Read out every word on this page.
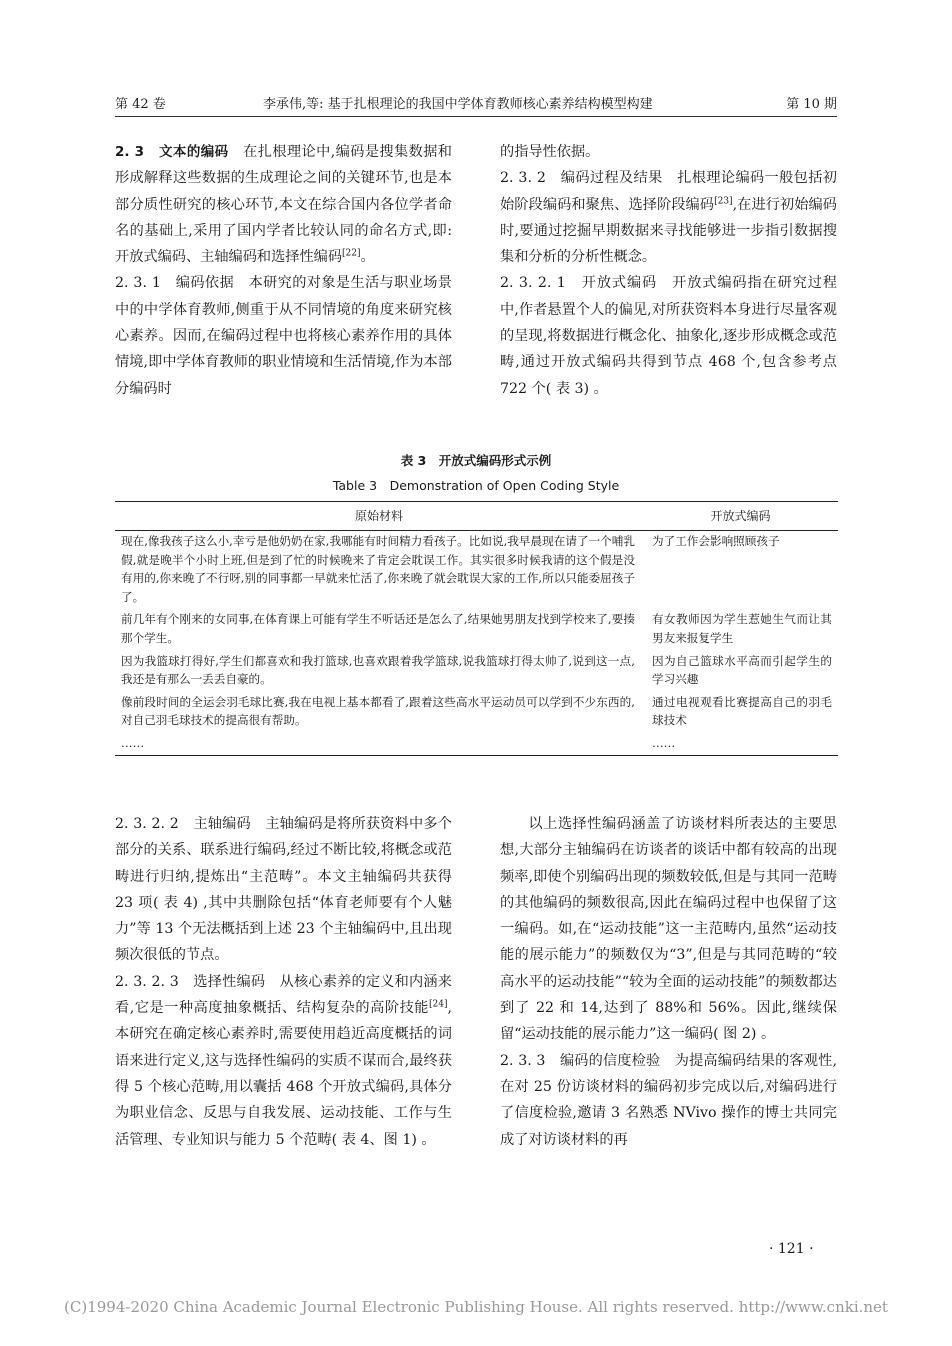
第 42 卷	李承伟,等: 基于扎根理论的我国中学体育教师核心素养结构模型构建	第 10 期

2. 3　 文本的编码　 在扎根理论中,编码是搜集数据和形成解释这些数据的生成理论之间的关键环节,也是本部分质性研究的核心环节,本文在综合国内各位学者命名的基础上,采用了国内学者比较认同的命名方式,即: 开放式编码、主轴编码和选择性编码[22]。

2. 3. 1　 编码依据　 本研究的对象是生活与职业场景中的中学体育教师,侧重于从不同情境的角度来研究核心素养。因而,在编码过程中也将核心素养作用的具体情境,即中学体育教师的职业情境和生活情境,作为本部分编码时

的指导性依据。

2. 3. 2　 编码过程及结果　 扎根理论编码一般包括初始阶段编码和聚焦、选择阶段编码[23],在进行初始编码时,要通过挖掘早期数据来寻找能够进一步指引数据搜集和分析的分析性概念。

2. 3. 2. 1　 开放式编码　 开放式编码指在研究过程中,作者悬置个人的偏见,对所获资料本身进行尽量客观的呈现,将数据进行概念化、抽象化,逐步形成概念或范畴,通过开放式编码共得到节点 468 个,包含参考点 722 个( 表 3) 。

表 3　开放式编码形式示例
Table 3　Demonstration of Open Coding Style
原始材料	开放式编码
现在,像我孩子这么小,幸亏是他奶奶在家,我哪能有时间精力看孩子。比如说,我早晨现在请了一个哺乳假,就是晚半个小时上班,但是到了忙的时候晚来了肯定会耽误工作。其实很多时候我请的这个假是没有用的,你来晚了不行呀,别的同事都一早就来忙活了,你来晚了就会耽误大家的工作,所以只能委屈孩子了。	为了工作会影响照顾孩子
前几年有个刚来的女同事,在体育课上可能有学生不听话还是怎么了,结果她男朋友找到学校来了,要揍那个学生。	有女教师因为学生惹她生气而让其男友来报复学生
因为我篮球打得好,学生们都喜欢和我打篮球,也喜欢跟着我学篮球,说我篮球打得太帅了,说到这一点,我还是有那么一丢丢自豪的。	因为自己篮球水平高而引起学生的学习兴趣
像前段时间的全运会羽毛球比赛,我在电视上基本都看了,跟着这些高水平运动员可以学到不少东西的,对自己羽毛球技术的提高很有帮助。	通过电视观看比赛提高自己的羽毛球技术
……	……

2. 3. 2. 2　 主轴编码　 主轴编码是将所获资料中多个部分的关系、联系进行编码,经过不断比较,将概念或范畴进行归纳,提炼出“主范畴”。本文主轴编码共获得 23 项( 表 4) ,其中共删除包括“体育老师要有个人魅力”等 13 个无法概括到上述 23 个主轴编码中,且出现频次很低的节点。

2. 3. 2. 3　 选择性编码　 从核心素养的定义和内涵来看,它是一种高度抽象概括、结构复杂的高阶技能[24],本研究在确定核心素养时,需要使用趋近高度概括的词语来进行定义,这与选择性编码的实质不谋而合,最终获得 5 个核心范畴,用以囊括 468 个开放式编码,具体分为职业信念、反思与自我发展、运动技能、工作与生活管理、专业知识与能力 5 个范畴( 表 4、图 1) 。

以上选择性编码涵盖了访谈材料所表达的主要思想,大部分主轴编码在访谈者的谈话中都有较高的出现频率,即使个别编码出现的频数较低,但是与其同一范畴的其他编码的频数很高,因此在编码过程中也保留了这一编码。如,在“运动技能”这一主范畴内,虽然“运动技能的展示能力”的频数仅为“3”,但是与其同范畴的“较高水平的运动技能”“较为全面的运动技能”的频数都达到了 22 和 14,达到了 88%和 56%。因此,继续保留“运动技能的展示能力”这一编码( 图 2) 。

2. 3. 3　 编码的信度检验　 为提高编码结果的客观性,在对 25 份访谈材料的编码初步完成以后,对编码进行了信度检验,邀请 3 名熟悉 NVivo 操作的博士共同完成了对访谈材料的再

· 121 ·
(C)1994-2020 China Academic Journal Electronic Publishing House. All rights reserved. http://www.cnki.net
